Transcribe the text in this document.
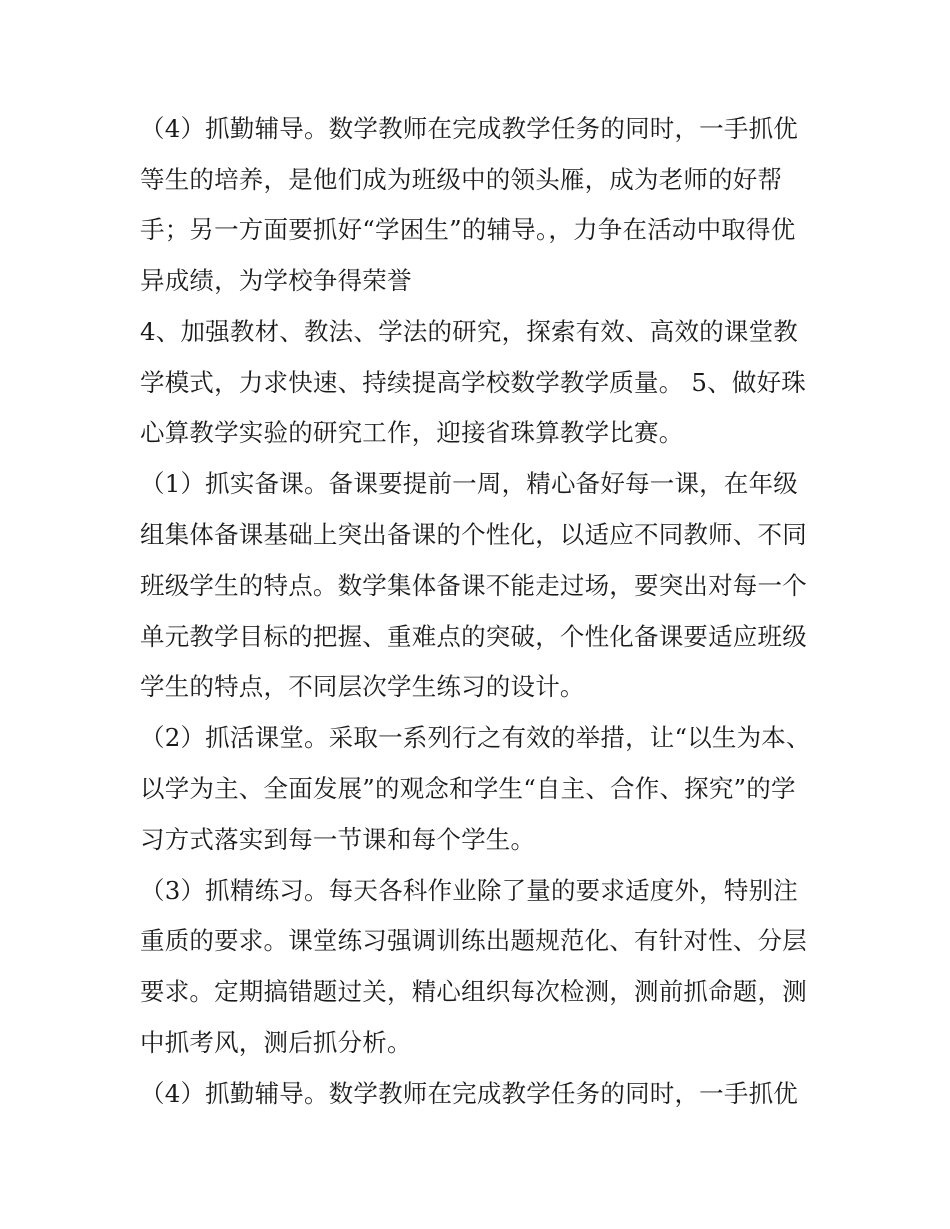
（4）抓勤辅导。数学教师在完成教学任务的同时，一手抓优
等生的培养，是他们成为班级中的领头雁，成为老师的好帮
手；另一方面要抓好“学困生”的辅导。，力争在活动中取得优
异成绩，为学校争得荣誉
4、加强教材、教法、学法的研究，探索有效、高效的课堂教
学模式，力求快速、持续提高学校数学教学质量。 5、做好珠
心算教学实验的研究工作，迎接省珠算教学比赛。
（1）抓实备课。备课要提前一周，精心备好每一课，在年级
组集体备课基础上突出备课的个性化，以适应不同教师、不同
班级学生的特点。数学集体备课不能走过场，要突出对每一个
单元教学目标的把握、重难点的突破，个性化备课要适应班级
学生的特点，不同层次学生练习的设计。
（2）抓活课堂。采取一系列行之有效的举措，让“以生为本、
以学为主、全面发展”的观念和学生“自主、合作、探究”的学
习方式落实到每一节课和每个学生。
（3）抓精练习。每天各科作业除了量的要求适度外，特别注
重质的要求。课堂练习强调训练出题规范化、有针对性、分层
要求。定期搞错题过关，精心组织每次检测，测前抓命题，测
中抓考风，测后抓分析。
（4）抓勤辅导。数学教师在完成教学任务的同时，一手抓优
